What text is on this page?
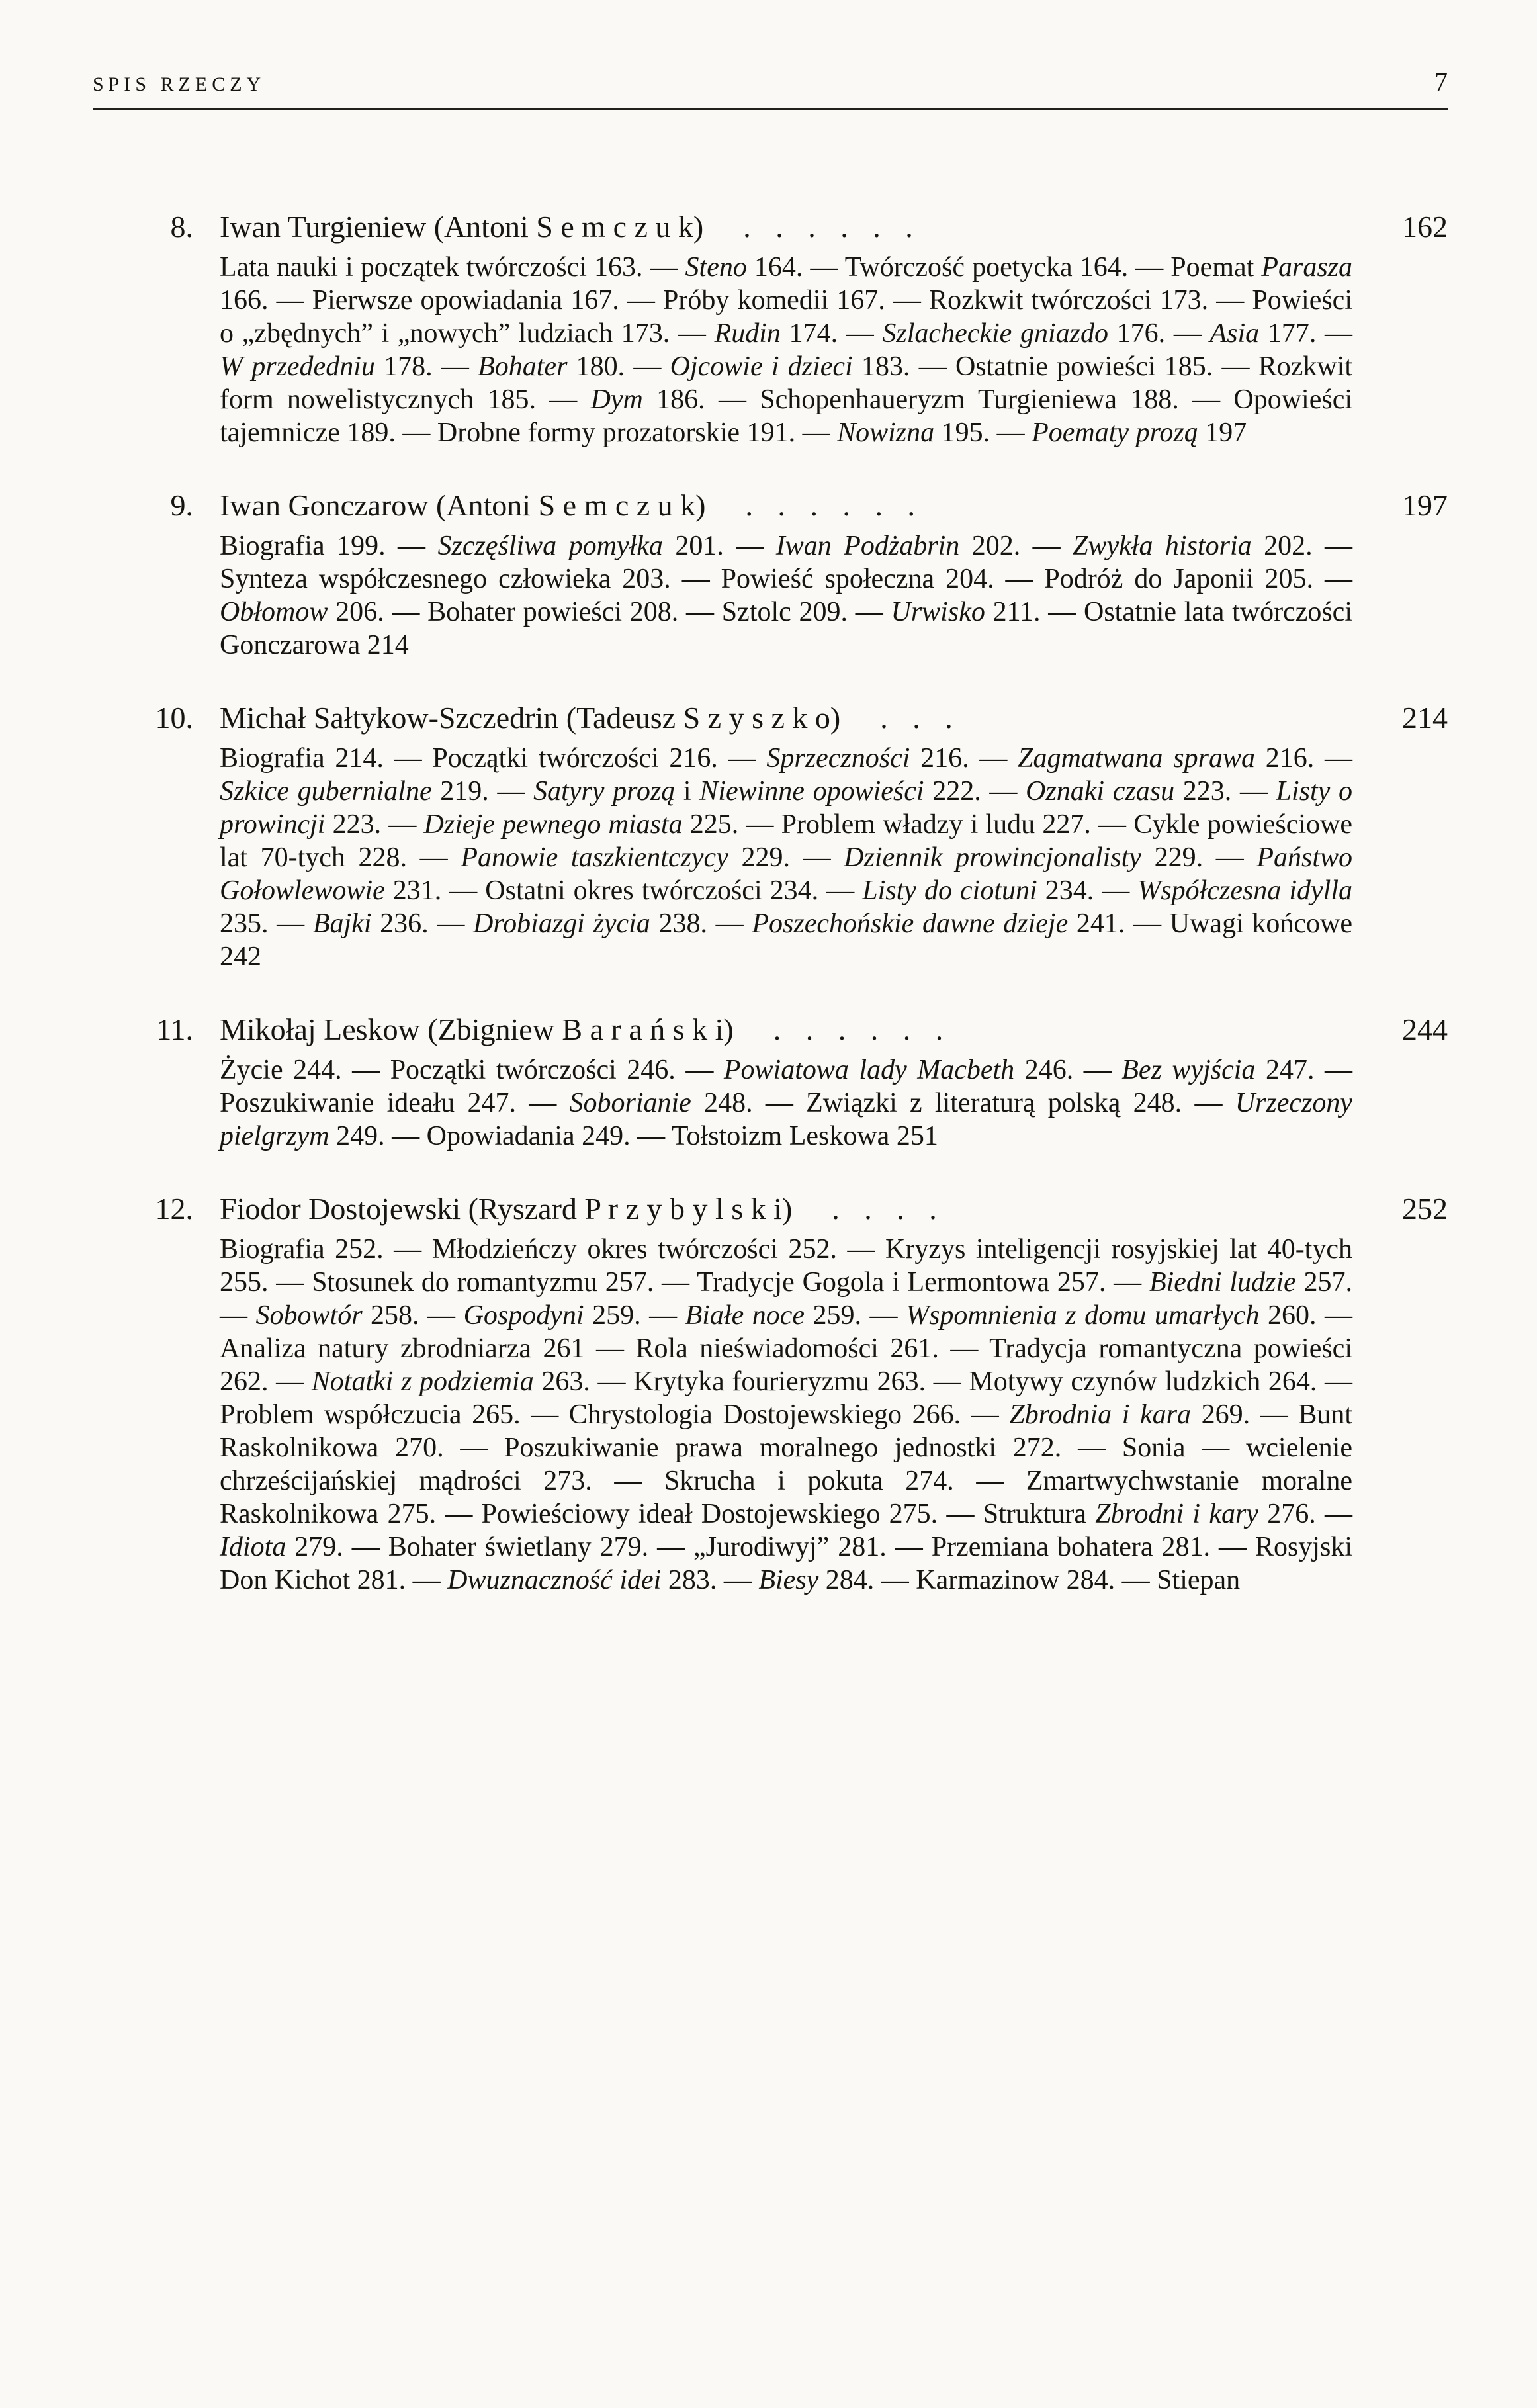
SPIS RZECZY	7
8. Iwan Turgieniew (Antoni S e m c z u k) . . . . . .	162
Lata nauki i początek twórczości 163. — Steno 164. — Twórczość poetycka 164. — Poemat Parasza 166. — Pierwsze opowiadania 167. — Próby komedii 167. — Rozkwit twórczości 173. — Powieści o „zbędnych” i „nowych” ludziach 173. — Rudin 174. — Szlacheckie gniazdo 176. — Asia 177. — W przededniu 178. — Bohater 180. — Ojcowie i dzieci 183. — Ostatnie powieści 185. — Rozkwit form nowelistycznych 185. — Dym 186. — Schopenhaueryzm Turgieniewa 188. — Opowieści tajemnicze 189. — Drobne formy prozatorskie 191. — Nowizna 195. — Poematy prozą 197
9. Iwan Gonczarow (Antoni S e m c z u k) . . . . . .	197
Biografia 199. — Szczęśliwa pomyłka 201. — Iwan Podżabrin 202. — Zwykła historia 202. — Synteza współczesnego człowieka 203. — Powieść społeczna 204. — Podróż do Japonii 205. — Obłomow 206. — Bohater powieści 208. — Sztolc 209. — Urwisko 211. — Ostatnie lata twórczości Gonczarowa 214
10. Michał Sałtykow-Szczedrin (Tadeusz S z y s z k o) . . .	214
Biografia 214. — Początki twórczości 216. — Sprzeczności 216. — Zagmatwana sprawa 216. — Szkice gubernialne 219. — Satyry prozą i Niewinne opowieści 222. — Oznaki czasu 223. — Listy o prowincji 223. — Dzieje pewnego miasta 225. — Problem władzy i ludu 227. — Cykle powieściowe lat 70-tych 228. — Panowie taszkientczycy 229. — Dziennik prowincjonalisty 229. — Państwo Gołowlewowie 231. — Ostatni okres twórczości 234. — Listy do ciotuni 234. — Współczesna idylla 235. — Bajki 236. — Drobiazgi życia 238. — Poszechońskie dawne dzieje 241. — Uwagi końcowe 242
11. Mikołaj Leskow (Zbigniew B a r a ń s k i) . . . . . .	244
Życie 244. — Początki twórczości 246. — Powiatowa lady Macbeth 246. — Bez wyjścia 247. — Poszukiwanie ideału 247. — Soborianie 248. — Związki z literaturą polską 248. — Urzeczony pielgrzym 249. — Opowiadania 249. — Tołstoizm Leskowa 251
12. Fiodor Dostojewski (Ryszard P r z y b y l s k i) . . . .	252
Biografia 252. — Młodzieńczy okres twórczości 252. — Kryzys inteligencji rosyjskiej lat 40-tych 255. — Stosunek do romantyzmu 257. — Tradycje Gogola i Lermontowa 257. — Biedni ludzie 257. — Sobowtór 258. — Gospodyni 259. — Białe noce 259. — Wspomnienia z domu umarłych 260. — Analiza natury zbrodniarza 261 — Rola nieświadomości 261. — Tradycja romantyczna powieści 262. — Notatki z podziemia 263. — Krytyka fourieryzmu 263. — Motywy czynów ludzkich 264. — Problem współczucia 265. — Chrystologia Dostojewskiego 266. — Zbrodnia i kara 269. — Bunt Raskolnikowa 270. — Poszukiwanie prawa moralnego jednostki 272. — Sonia — wcielenie chrześcijańskiej mądrości 273. — Skrucha i pokuta 274. — Zmartwychwstanie moralne Raskolnikowa 275. — Powieściowy ideał Dostojewskiego 275. — Struktura Zbrodni i kary 276. — Idiota 279. — Bohater świetlany 279. — „Jurodiwyj” 281. — Przemiana bohatera 281. — Rosyjski Don Kichot 281. — Dwuznaczność idei 283. — Biesy 284. — Karmazinow 284. — Stiepan
